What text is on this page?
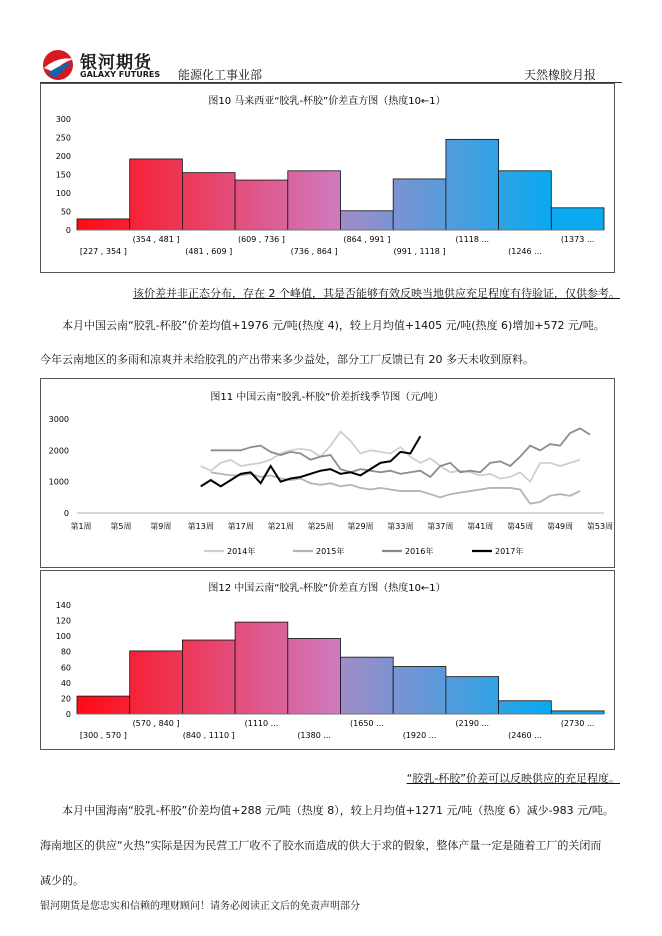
银河期货
GALAXY FUTURES 能源化工事业部	天然橡胶月报
图10 马来西亚“胶乳-杯胶”价差直方图（热度10←1）
0
50
100
150
200
250
300
[227 , 354 ]
(354 , 481 ]
(481 , 609 ]
(609 , 736 ]
(736 , 864 ]
(864 , 991 ]
(991 , 1118 ]
(1118 ...
(1246 ...
(1373 ...
该价差并非正态分布，存在 2 个峰值，其是否能够有效反映当地供应充足程度有待验证，仅供参考。
本月中国云南“胶乳-杯胶”价差均值+1976 元/吨(热度 4)，较上月均值+1405 元/吨(热度 6)增加+572 元/吨。
今年云南地区的多雨和凉爽并未给胶乳的产出带来多少益处，部分工厂反馈已有 20 多天未收到原料。
图11 中国云南“胶乳-杯胶”价差折线季节图（元/吨）
0
1000
2000
3000
第1周 第5周 第9周 第13周 第17周 第21周 第25周 第29周 第33周 第37周 第41周 第45周 第49周 第53周
2014年	2015年	2016年	2017年
图12 中国云南“胶乳-杯胶”价差直方图（热度10←1）
0
20
40
60
80
100
120
140
[300 , 570 ]
(570 , 840 ]
(840 , 1110 ]
(1110 ...
(1380 ...
(1650 ...
(1920 ...
(2190 ...
(2460 ...
(2730 ...
“胶乳-杯胶”价差可以反映供应的充足程度。
本月中国海南“胶乳-杯胶”价差均值+288 元/吨（热度 8），较上月均值+1271 元/吨（热度 6）减少-983 元/吨。
海南地区的供应“火热”实际是因为民营工厂收不了胶水而造成的供大于求的假象，整体产量一定是随着工厂的关闭而
减少的。
银河期货是您忠实和信赖的理财顾问！请务必阅读正文后的免责声明部分
